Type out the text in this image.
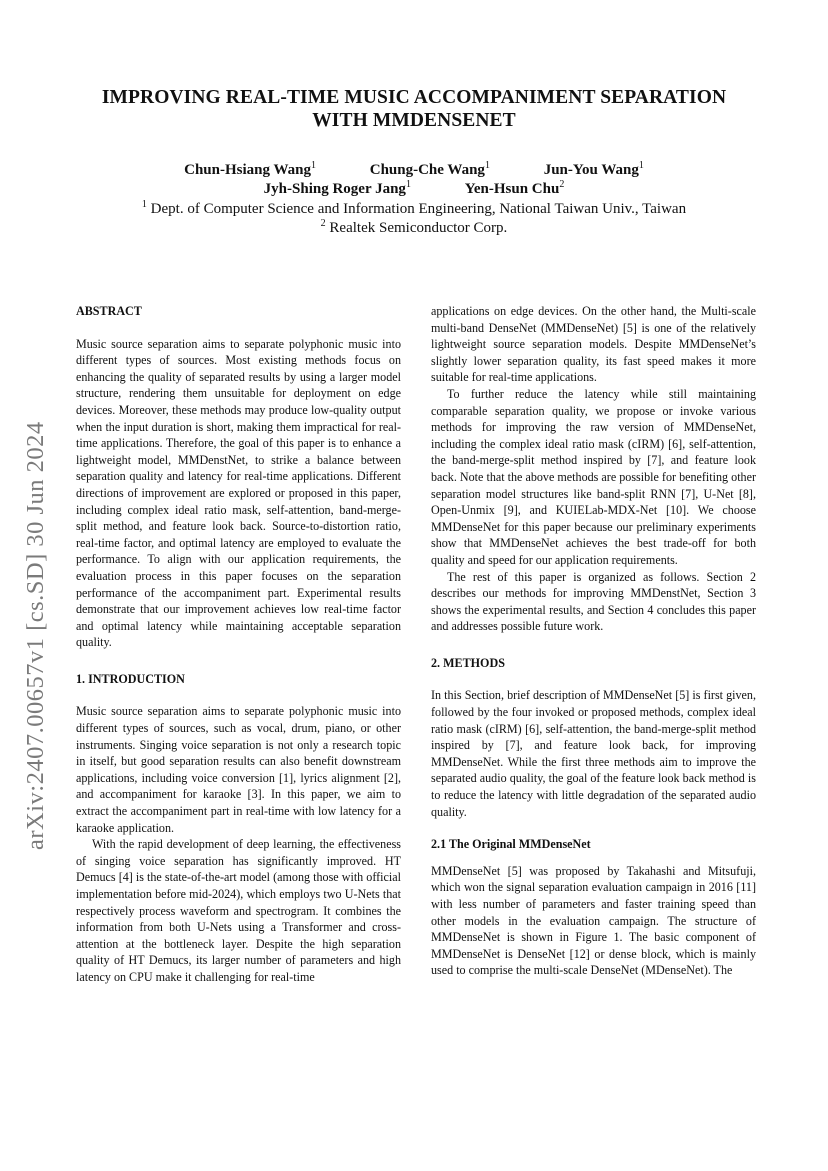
IMPROVING REAL-TIME MUSIC ACCOMPANIMENT SEPARATION
WITH MMDENSENET
Chun-Hsiang Wang$^1$	Chung-Che Wang$^1$	Jun-You Wang$^1$
Jyh-Shing Roger Jang$^1$	Yen-Hsun Chu$^2$
$^1$ Dept. of Computer Science and Information Engineering, National Taiwan Univ., Taiwan
$^2$ Realtek Semiconductor Corp.
arXiv:2407.00657v1 [cs.SD] 30 Jun 2024

ABSTRACT

Music source separation aims to separate polyphonic music into different types of sources. Most existing methods focus on enhancing the quality of separated results by using a larger model structure, rendering them unsuitable for deployment on edge devices. Moreover, these methods may produce low-quality output when the input duration is short, making them impractical for real-time applications. Therefore, the goal of this paper is to enhance a lightweight model, MMDenstNet, to strike a balance between separation quality and latency for real-time applications. Different directions of improvement are explored or proposed in this paper, including complex ideal ratio mask, self-attention, band-merge-split method, and feature look back. Source-to-distortion ratio, real-time factor, and optimal latency are employed to evaluate the performance. To align with our application requirements, the evaluation process in this paper focuses on the separation performance of the accompaniment part. Experimental results demonstrate that our improvement achieves low real-time factor and optimal latency while maintaining acceptable separation quality.

1. INTRODUCTION

Music source separation aims to separate polyphonic music into different types of sources, such as vocal, drum, piano, or other instruments. Singing voice separation is not only a research topic in itself, but good separation results can also benefit downstream applications, including voice conversion [1], lyrics alignment [2], and accompaniment for karaoke [3]. In this paper, we aim to extract the accompaniment part in real-time with low latency for a karaoke application.

With the rapid development of deep learning, the effectiveness of singing voice separation has significantly improved. HT Demucs [4] is the state-of-the-art model (among those with official implementation before mid-2024), which employs two U-Nets that respectively process waveform and spectrogram. It combines the information from both U-Nets using a Transformer and cross-attention at the bottleneck layer. Despite the high separation quality of HT Demucs, its larger number of parameters and high latency on CPU make it challenging for real-time

applications on edge devices. On the other hand, the Multi-scale multi-band DenseNet (MMDenseNet) [5] is one of the relatively lightweight source separation models. Despite MMDenseNet’s slightly lower separation quality, its fast speed makes it more suitable for real-time applications.

To further reduce the latency while still maintaining comparable separation quality, we propose or invoke various methods for improving the raw version of MMDenseNet, including the complex ideal ratio mask (cIRM) [6], self-attention, the band-merge-split method inspired by [7], and feature look back. Note that the above methods are possible for benefiting other separation model structures like band-split RNN [7], U-Net [8], Open-Unmix [9], and KUIELab-MDX-Net [10]. We choose MMDenseNet for this paper because our preliminary experiments show that MMDenseNet achieves the best trade-off for both quality and speed for our application requirements.

The rest of this paper is organized as follows. Section 2 describes our methods for improving MMDenstNet, Section 3 shows the experimental results, and Section 4 concludes this paper and addresses possible future work.

2. METHODS

In this Section, brief description of MMDenseNet [5] is first given, followed by the four invoked or proposed methods, complex ideal ratio mask (cIRM) [6], self-attention, the band-merge-split method inspired by [7], and feature look back, for improving MMDenseNet. While the first three methods aim to improve the separated audio quality, the goal of the feature look back method is to reduce the latency with little degradation of the separated audio quality.

2.1 The Original MMDenseNet

MMDenseNet [5] was proposed by Takahashi and Mitsufuji, which won the signal separation evaluation campaign in 2016 [11] with less number of parameters and faster training speed than other models in the evaluation campaign. The structure of MMDenseNet is shown in Figure 1. The basic component of MMDenseNet is DenseNet [12] or dense block, which is mainly used to comprise the multi-scale DenseNet (MDenseNet). The
